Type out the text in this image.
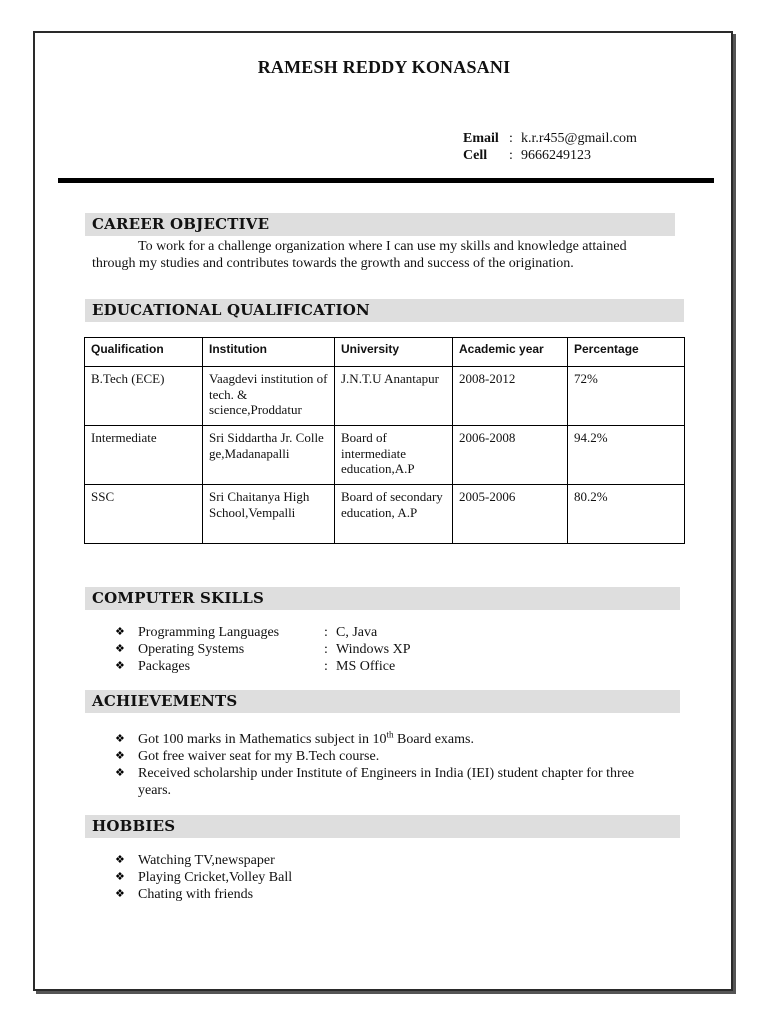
RAMESH REDDY KONASANI
Email : k.r.r455@gmail.com
Cell : 9666249123
CAREER OBJECTIVE
To work for a challenge organization where I can use my skills and knowledge attained through my studies and contributes towards the growth and success of the origination.
EDUCATIONAL QUALIFICATION
Qualification	Institution	University	Academic year	Percentage
B.Tech (ECE)	Vaagdevi institution of tech. & science,Proddatur	J.N.T.U Anantapur	2008-2012	72%
Intermediate	Sri Siddartha Jr. College,Madanapalli	Board of intermediate education,A.P	2006-2008	94.2%
SSC	Sri Chaitanya High School,Vempalli	Board of secondary education, A.P	2005-2006	80.2%
COMPUTER SKILLS
❖ Programming Languages	: C, Java
❖ Operating Systems	: Windows XP
❖ Packages	: MS Office
ACHIEVEMENTS
❖ Got 100 marks in Mathematics subject in 10th Board exams.
❖ Got free waiver seat for my B.Tech course.
❖ Received scholarship under Institute of Engineers in India (IEI) student chapter for three years.
HOBBIES
❖ Watching TV,newspaper
❖ Playing Cricket,Volley Ball
❖ Chating with friends
